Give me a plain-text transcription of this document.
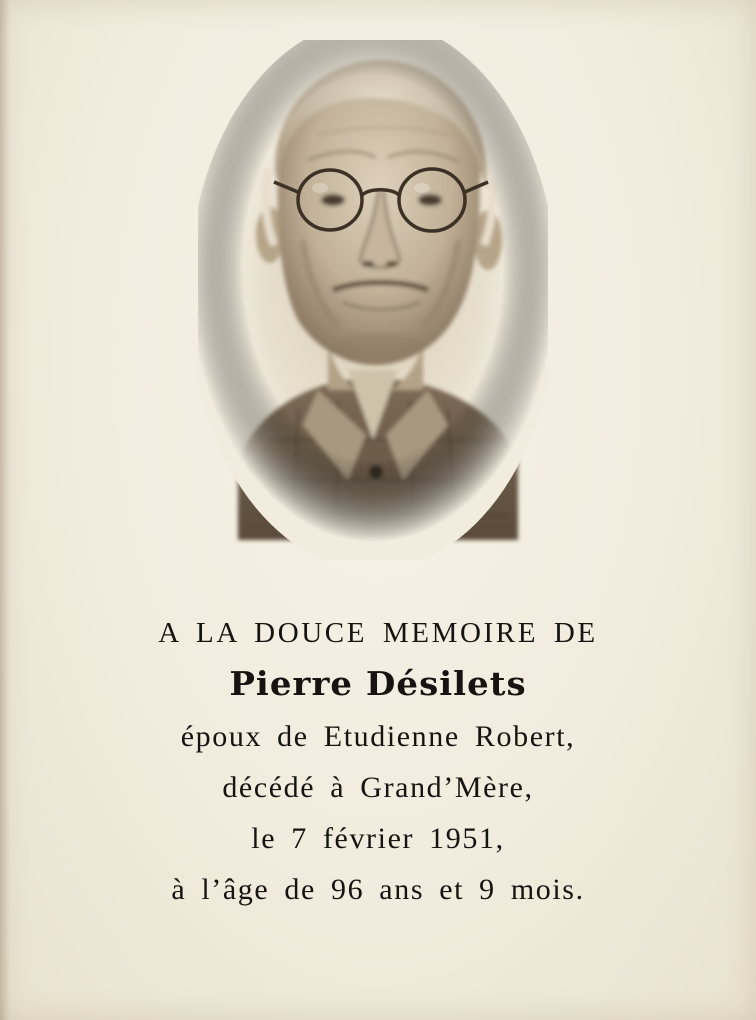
A LA DOUCE MEMOIRE DE
Pierre Désilets
époux de Etudienne Robert,
décédé à Grand’Mère,
le 7 février 1951,
à l’âge de 96 ans et 9 mois.
